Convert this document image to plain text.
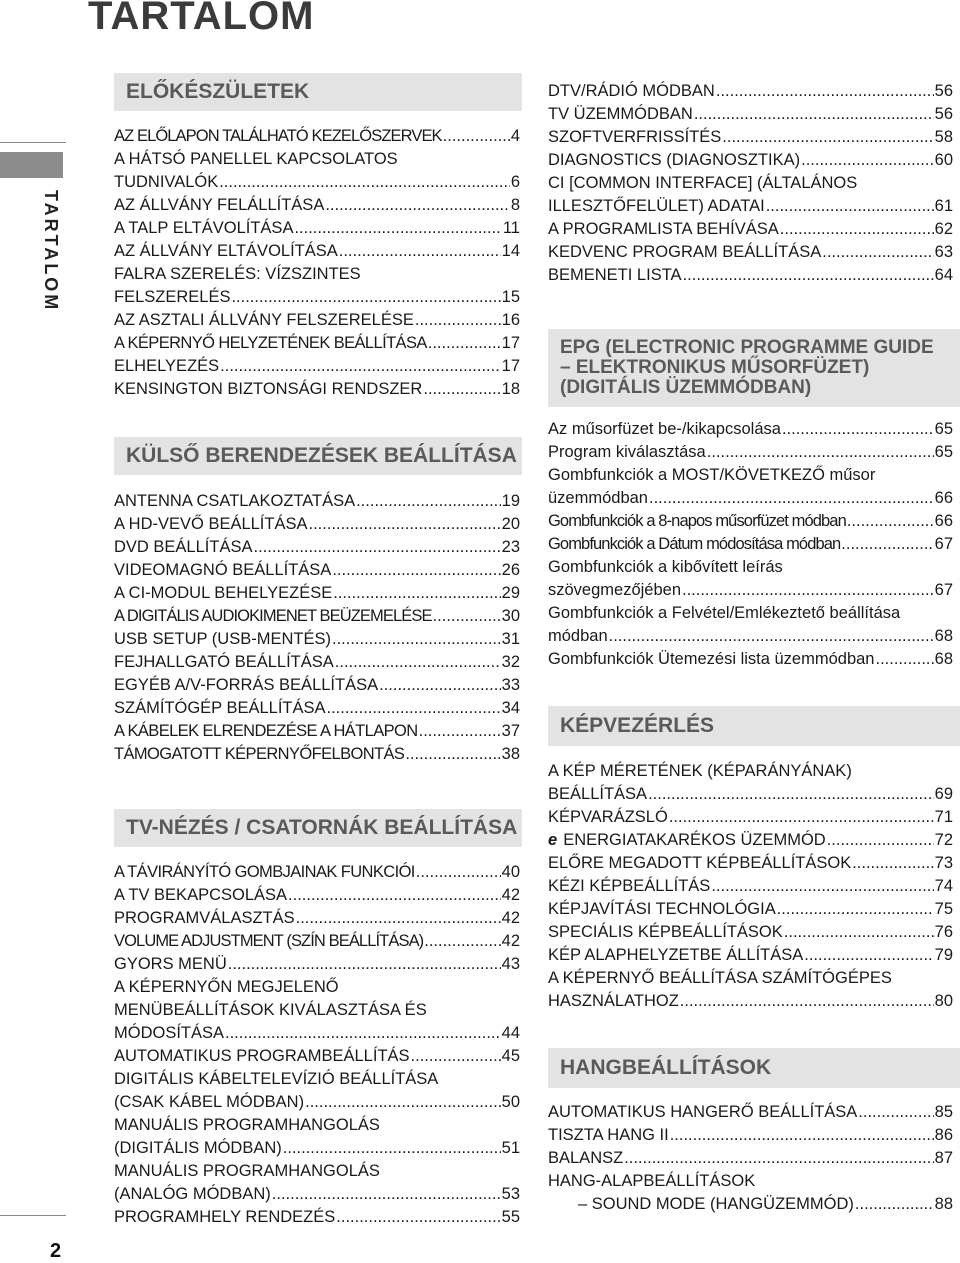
TARTALOM
TARTALOM
2
ELŐKÉSZÜLETEK
AZ ELŐLAPON TALÁLHATÓ KEZELŐSZERVEK .....	4
A HÁTSÓ PANELLEL KAPCSOLATOS
TUDNIVALÓK .....	6
AZ ÁLLVÁNY FELÁLLÍTÁSA .....	8
A TALP ELTÁVOLÍTÁSA .....	11
AZ ÁLLVÁNY ELTÁVOLÍTÁSA .....	14
FALRA SZERELÉS: VÍZSZINTES
FELSZERELÉS .....	15
AZ ASZTALI ÁLLVÁNY FELSZERELÉSE .....	16
A KÉPERNYŐ HELYZETÉNEK BEÁLLÍTÁSA .....	17
ELHELYEZÉS .....	17
KENSINGTON BIZTONSÁGI RENDSZER .....	18
KÜLSŐ BERENDEZÉSEK BEÁLLÍTÁSA
ANTENNA CSATLAKOZTATÁSA .....	19
A HD-VEVŐ BEÁLLÍTÁSA .....	20
DVD BEÁLLÍTÁSA .....	23
VIDEOMAGNÓ BEÁLLÍTÁSA .....	26
A CI-MODUL BEHELYEZÉSE .....	29
A DIGITÁLIS AUDIOKIMENET BEÜZEMELÉSE .....	30
USB SETUP (USB-MENTÉS) .....	31
FEJHALLGATÓ BEÁLLÍTÁSA .....	32
EGYÉB A/V-FORRÁS BEÁLLÍTÁSA .....	33
SZÁMÍTÓGÉP BEÁLLÍTÁSA .....	34
A KÁBELEK ELRENDEZÉSE A HÁTLAPON .....	37
TÁMOGATOTT KÉPERNYŐFELBONTÁS .....	38
TV-NÉZÉS / CSATORNÁK BEÁLLÍTÁSA
A TÁVIRÁNYÍTÓ GOMBJAINAK FUNKCIÓI .....	40
A TV BEKAPCSOLÁSA .....	42
PROGRAMVÁLASZTÁS .....	42
VOLUME ADJUSTMENT (SZÍN BEÁLLÍTÁSA) .....	42
GYORS MENÜ .....	43
A KÉPERNYŐN MEGJELENŐ
MENÜBEÁLLÍTÁSOK KIVÁLASZTÁSA ÉS
MÓDOSÍTÁSA .....	44
AUTOMATIKUS PROGRAMBEÁLLÍTÁS .....	45
DIGITÁLIS KÁBELTELEVÍZIÓ BEÁLLÍTÁSA
(CSAK KÁBEL MÓDBAN) .....	50
MANUÁLIS PROGRAMHANGOLÁS
(DIGITÁLIS MÓDBAN) .....	51
MANUÁLIS PROGRAMHANGOLÁS
(ANALÓG MÓDBAN) .....	53
PROGRAMHELY RENDEZÉS .....	55
DTV/RÁDIÓ MÓDBAN .....	56
TV ÜZEMMÓDBAN .....	56
SZOFTVERFRISSÍTÉS .....	58
DIAGNOSTICS (DIAGNOSZTIKA) .....	60
CI [COMMON INTERFACE] (ÁLTALÁNOS
ILLESZTŐFELÜLET) ADATAI .....	61
A PROGRAMLISTA BEHÍVÁSA .....	62
KEDVENC PROGRAM BEÁLLÍTÁSA .....	63
BEMENETI LISTA .....	64
EPG (ELECTRONIC PROGRAMME GUIDE
– ELEKTRONIKUS MŰSORFÜZET)
(DIGITÁLIS ÜZEMMÓDBAN)
Az műsorfüzet be-/kikapcsolása .....	65
Program kiválasztása .....	65
Gombfunkciók a MOST/KÖVETKEZŐ műsor
üzemmódban .....	66
Gombfunkciók a 8-napos műsorfüzet módban .....	66
Gombfunkciók a Dátum módosítása módban .....	67
Gombfunkciók a kibővített leírás
szövegmezőjében .....	67
Gombfunkciók a Felvétel/Emlékeztető beállítása
módban .....	68
Gombfunkciók Ütemezési lista üzemmódban .....	68
KÉPVEZÉRLÉS
A KÉP MÉRETÉNEK (KÉPARÁNYÁNAK)
BEÁLLÍTÁSA .....	69
KÉPVARÁZSLÓ .....	71
e ENERGIATAKARÉKOS ÜZEMMÓD .....	72
ELŐRE MEGADOTT KÉPBEÁLLÍTÁSOK .....	73
KÉZI KÉPBEÁLLÍTÁS .....	74
KÉPJAVÍTÁSI TECHNOLÓGIA .....	75
SPECIÁLIS KÉPBEÁLLÍTÁSOK .....	76
KÉP ALAPHELYZETBE ÁLLÍTÁSA .....	79
A KÉPERNYŐ BEÁLLÍTÁSA SZÁMÍTÓGÉPES
HASZNÁLATHOZ .....	80
HANGBEÁLLÍTÁSOK
AUTOMATIKUS HANGERŐ BEÁLLÍTÁSA .....	85
TISZTA HANG II .....	86
BALANSZ .....	87
HANG-ALAPBEÁLLÍTÁSOK
– SOUND MODE (HANGÜZEMMÓD) .....	88
